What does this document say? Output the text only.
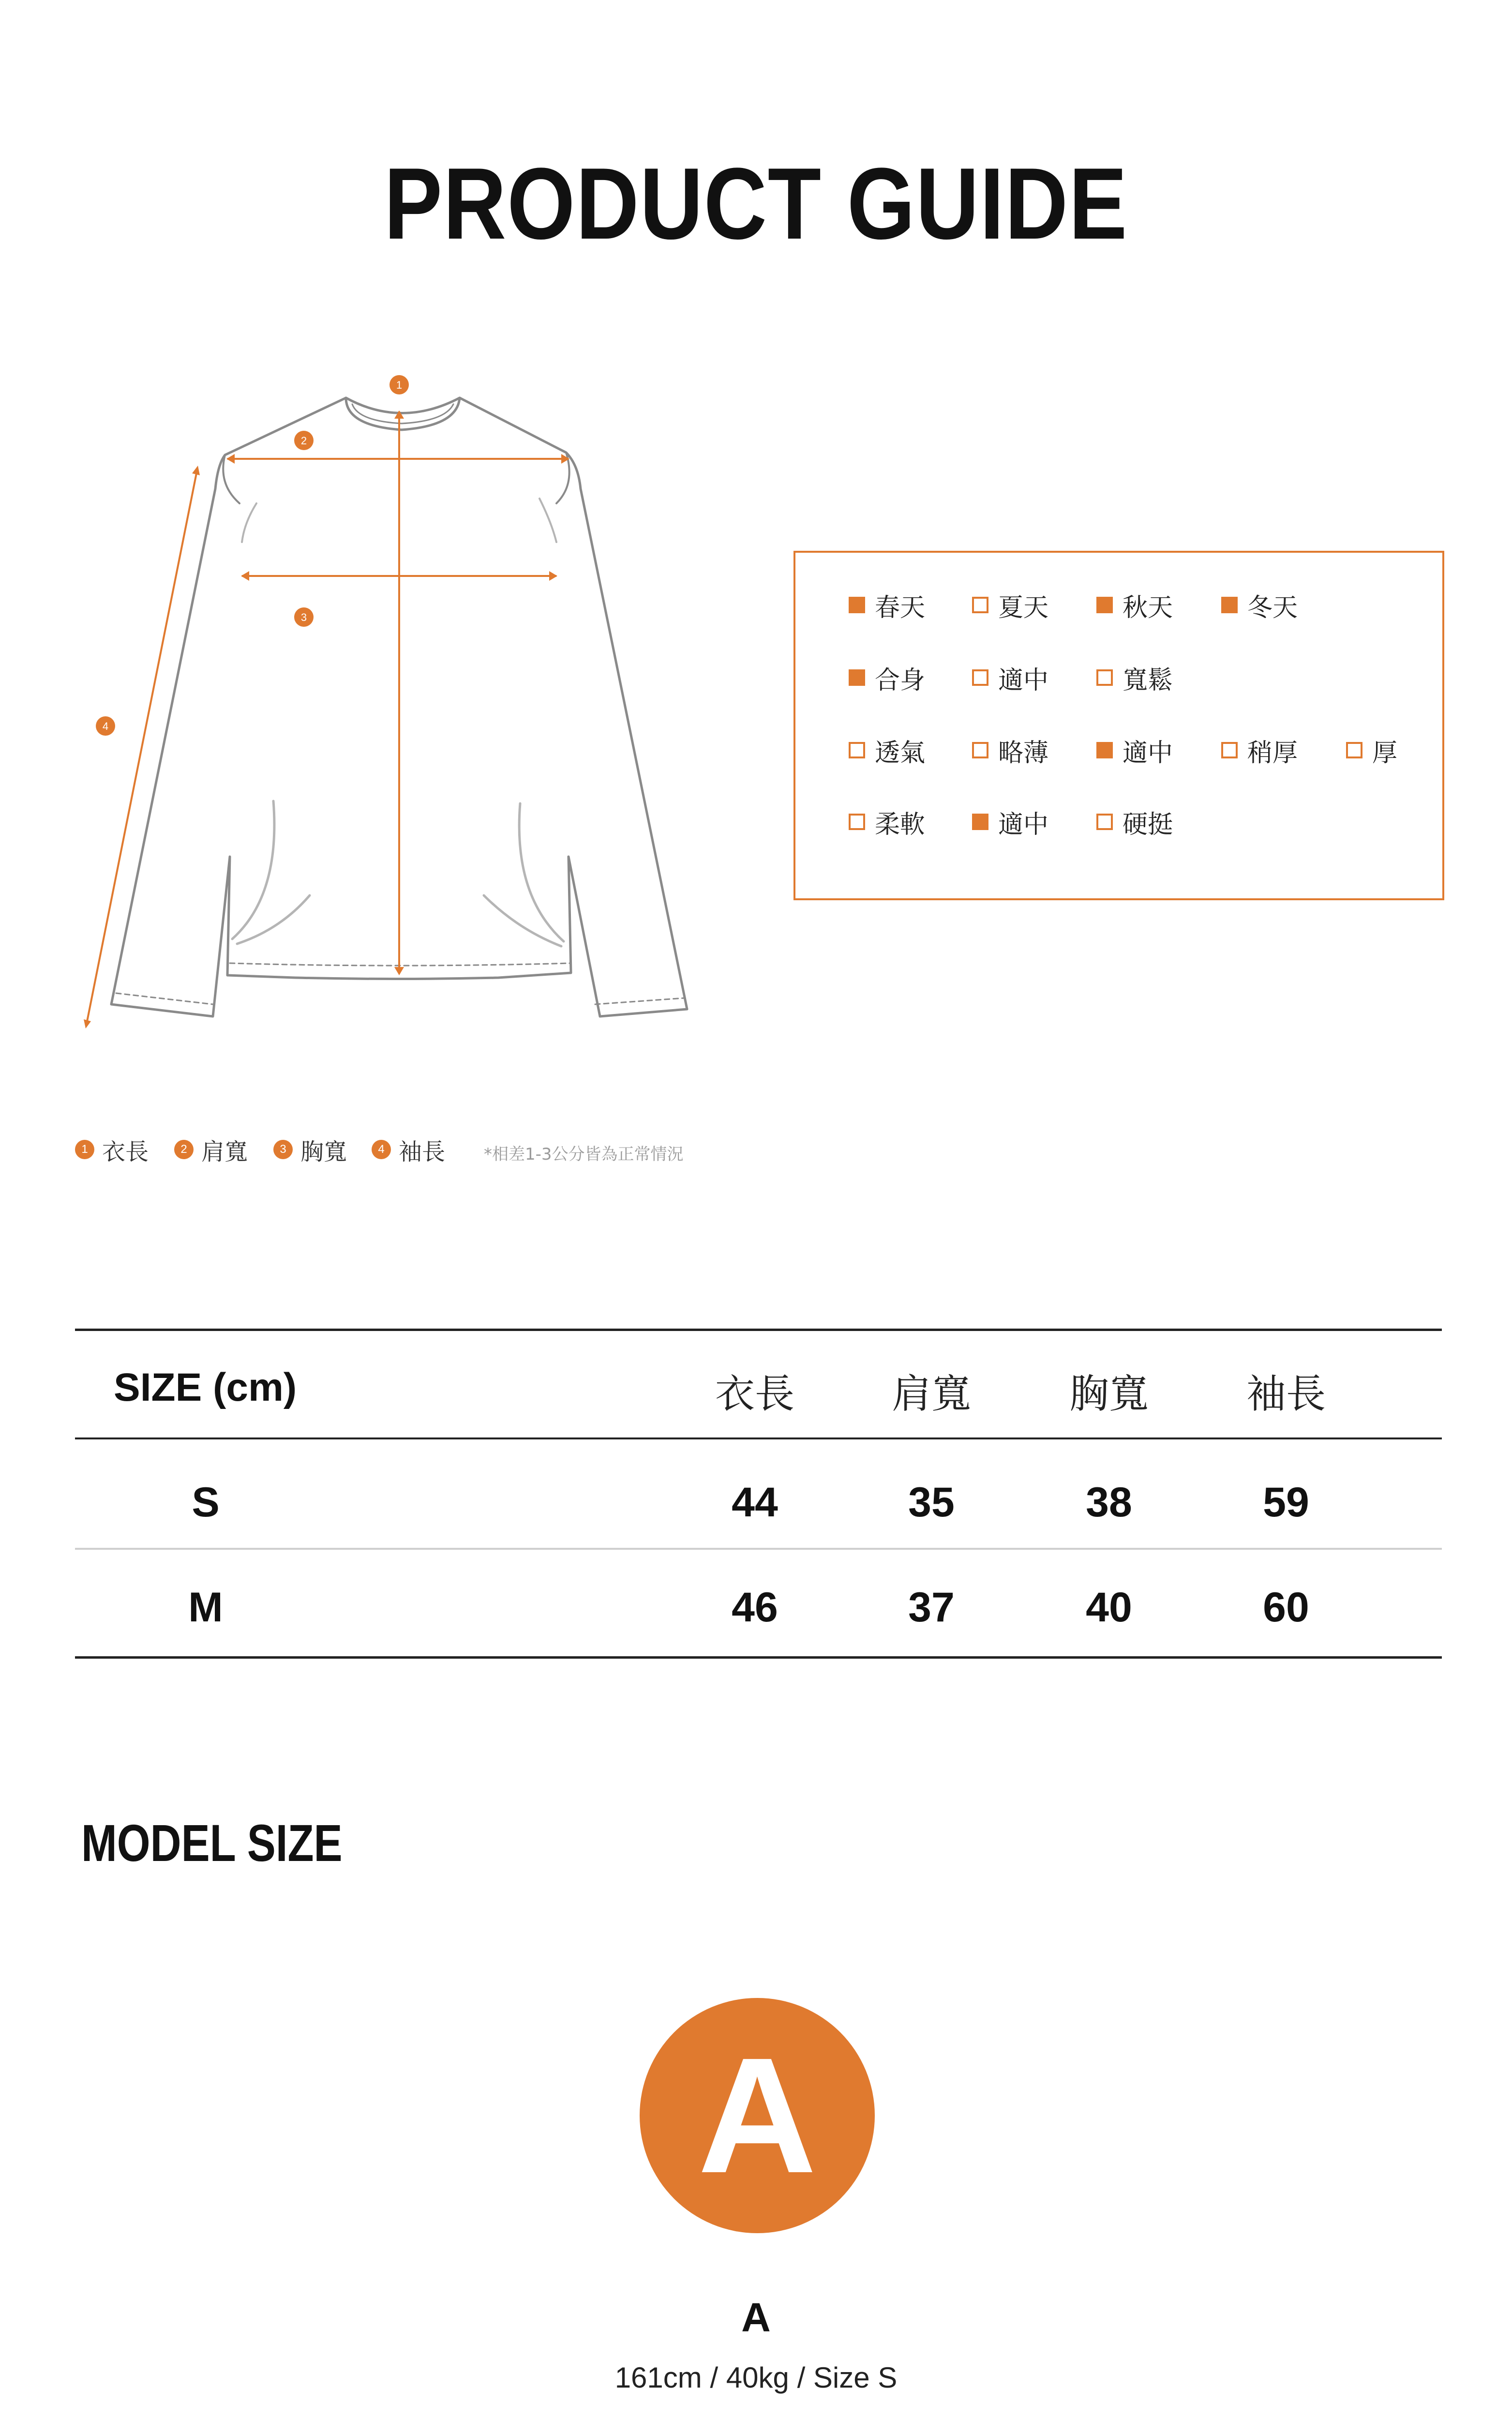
PRODUCT GUIDE
1
2
3
4
春天	夏天	秋天	冬天
合身	適中	寬鬆
透氣	略薄	適中	稍厚	厚
柔軟	適中	硬挺
1 衣長	2 肩寬	3 胸寬	4 袖長 *相差1-3公分皆為正常情況
SIZE (cm)	衣長	肩寬	胸寬	袖長
S	44	35	38	59
M	46	37	40	60
MODEL SIZE
A
A
161cm / 40kg / Size S
